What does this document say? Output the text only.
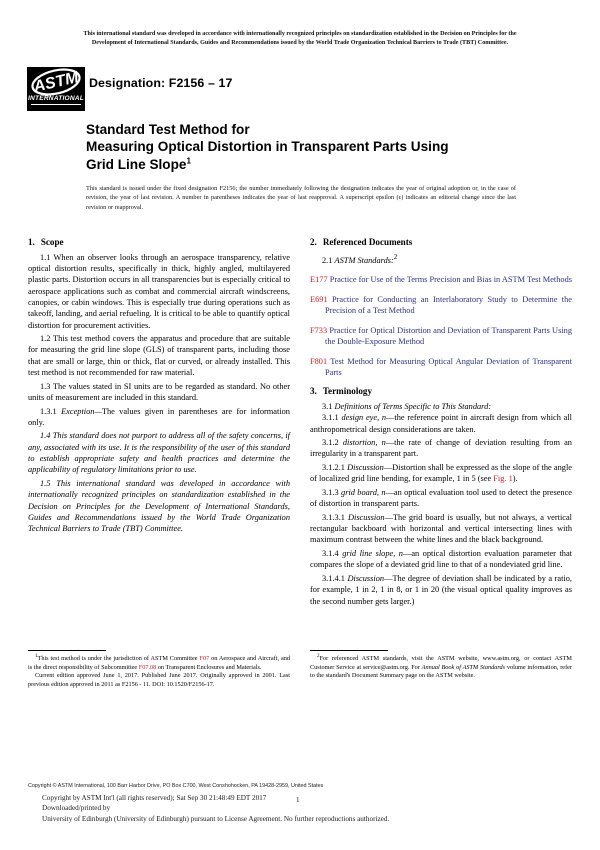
This international standard was developed in accordance with internationally recognized principles on standardization established in the Decision on Principles for the
Development of International Standards, Guides and Recommendations issued by the World Trade Organization Technical Barriers to Trade (TBT) Committee.
ASTM
INTERNATIONAL
Designation: F2156 – 17
Standard Test Method for
Measuring Optical Distortion in Transparent Parts Using
Grid Line Slope$^1$
This standard is issued under the fixed designation F2156; the number immediately following the designation indicates the year of original adoption or, in the case of revision, the year of last revision. A number in parentheses indicates the year of last reapproval. A superscript epsilon (ε) indicates an editorial change since the last revision or reapproval.
1. Scope

1.1 When an observer looks through an aerospace transparency, relative optical distortion results, specifically in thick, highly angled, multilayered plastic parts. Distortion occurs in all transparencies but is especially critical to aerospace applications such as combat and commercial aircraft windscreens, canopies, or cabin windows. This is especially true during operations such as takeoff, landing, and aerial refueling. It is critical to be able to quantify optical distortion for procurement activities.

1.2 This test method covers the apparatus and procedure that are suitable for measuring the grid line slope (GLS) of transparent parts, including those that are small or large, thin or thick, flat or curved, or already installed. This test method is not recommended for raw material.

1.3 The values stated in SI units are to be regarded as standard. No other units of measurement are included in this standard.

1.3.1 Exception—The values given in parentheses are for information only.

1.4 This standard does not purport to address all of the safety concerns, if any, associated with its use. It is the responsibility of the user of this standard to establish appropriate safety and health practices and determine the applicability of regulatory limitations prior to use.

1.5 This international standard was developed in accordance with internationally recognized principles on standardization established in the Decision on Principles for the Development of International Standards, Guides and Recommendations issued by the World Trade Organization Technical Barriers to Trade (TBT) Committee.

2. Referenced Documents

2.1 ASTM Standards:$^2$

E177 Practice for Use of the Terms Precision and Bias in ASTM Test Methods

E691 Practice for Conducting an Interlaboratory Study to Determine the Precision of a Test Method

F733 Practice for Optical Distortion and Deviation of Transparent Parts Using the Double-Exposure Method

F801 Test Method for Measuring Optical Angular Deviation of Transparent Parts

3. Terminology

3.1 Definitions of Terms Specific to This Standard:

3.1.1 design eye, n—the reference point in aircraft design from which all anthropometrical design considerations are taken.

3.1.2 distortion, n—the rate of change of deviation resulting from an irregularity in a transparent part.

3.1.2.1 Discussion—Distortion shall be expressed as the slope of the angle of localized grid line bending, for example, 1 in 5 (see Fig. 1).

3.1.3 grid board, n—an optical evaluation tool used to detect the presence of distortion in transparent parts.

3.1.3.1 Discussion—The grid board is usually, but not always, a vertical rectangular backboard with horizontal and vertical intersecting lines with maximum contrast between the white lines and the black background.

3.1.4 grid line slope, n—an optical distortion evaluation parameter that compares the slope of a deviated grid line to that of a nondeviated grid line.

3.1.4.1 Discussion—The degree of deviation shall be indicated by a ratio, for example, 1 in 2, 1 in 8, or 1 in 20 (the visual optical quality improves as the second number gets larger.)

$^1$This test method is under the jurisdiction of ASTM Committee F07 on Aerospace and Aircraft, and is the direct responsibility of Subcommittee F07.08 on Transparent Enclosures and Materials.

Current edition approved June 1, 2017. Published June 2017. Originally approved in 2001. Last previous edition approved in 2011 as F2156 - 11. DOI: 10.1520/F2156-17.

$^2$For referenced ASTM standards, visit the ASTM website, www.astm.org, or contact ASTM Customer Service at service@astm.org. For Annual Book of ASTM Standards volume information, refer to the standard's Document Summary page on the ASTM website.

Copyright © ASTM International, 100 Barr Harbor Drive, PO Box C700, West Conshohocken, PA 19428-2959, United States
Copyright by ASTM Int'l (all rights reserved); Sat Sep 30 21:48:49 EDT 2017
Downloaded/printed by
University of Edinburgh (University of Edinburgh) pursuant to License Agreement. No further reproductions authorized.
1
